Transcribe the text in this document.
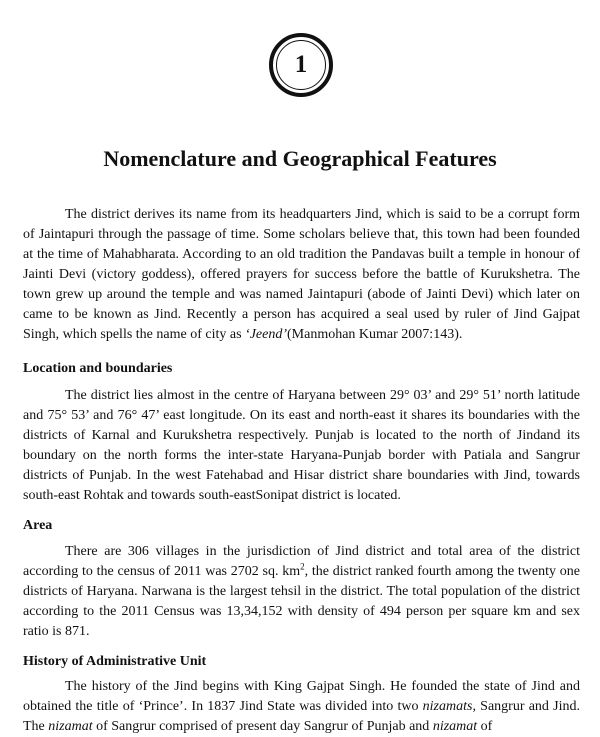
1
Nomenclature and Geographical Features

The district derives its name from its headquarters Jind, which is said to be a corrupt form of Jaintapuri through the passage of time. Some scholars believe that, this town had been founded at the time of Mahabharata. According to an old tradition the Pandavas built a temple in honour of Jainti Devi (victory goddess), offered prayers for success before the battle of Kurukshetra. The town grew up around the temple and was named Jaintapuri (abode of Jainti Devi) which later on came to be known as Jind. Recently a person has acquired a seal used by ruler of Jind Gajpat Singh, which spells the name of city as ‘Jeend’(Manmohan Kumar 2007:143).

Location and boundaries

The district lies almost in the centre of Haryana between 29° 03’ and 29° 51’ north latitude and 75° 53’ and 76° 47’ east longitude. On its east and north-east it shares its boundaries with the districts of Karnal and Kurukshetra respectively. Punjab is located to the north of Jindand its boundary on the north forms the inter-state Haryana-Punjab border with Patiala and Sangrur districts of Punjab. In the west Fatehabad and Hisar district share boundaries with Jind, towards south-east Rohtak and towards south-eastSonipat district is located.

Area

There are 306 villages in the jurisdiction of Jind district and total area of the district according to the census of 2011 was 2702 sq. $km^2$, the district ranked fourth among the twenty one districts of Haryana. Narwana is the largest tehsil in the district. The total population of the district according to the 2011 Census was 13,34,152 with density of 494 person per square km and sex ratio is 871.

History of Administrative Unit

The history of the Jind begins with King Gajpat Singh. He founded the state of Jind and obtained the title of ‘Prince’. In 1837 Jind State was divided into two nizamats, Sangrur and Jind. The nizamat of Sangrur comprised of present day Sangrur of Punjab and nizamat of
